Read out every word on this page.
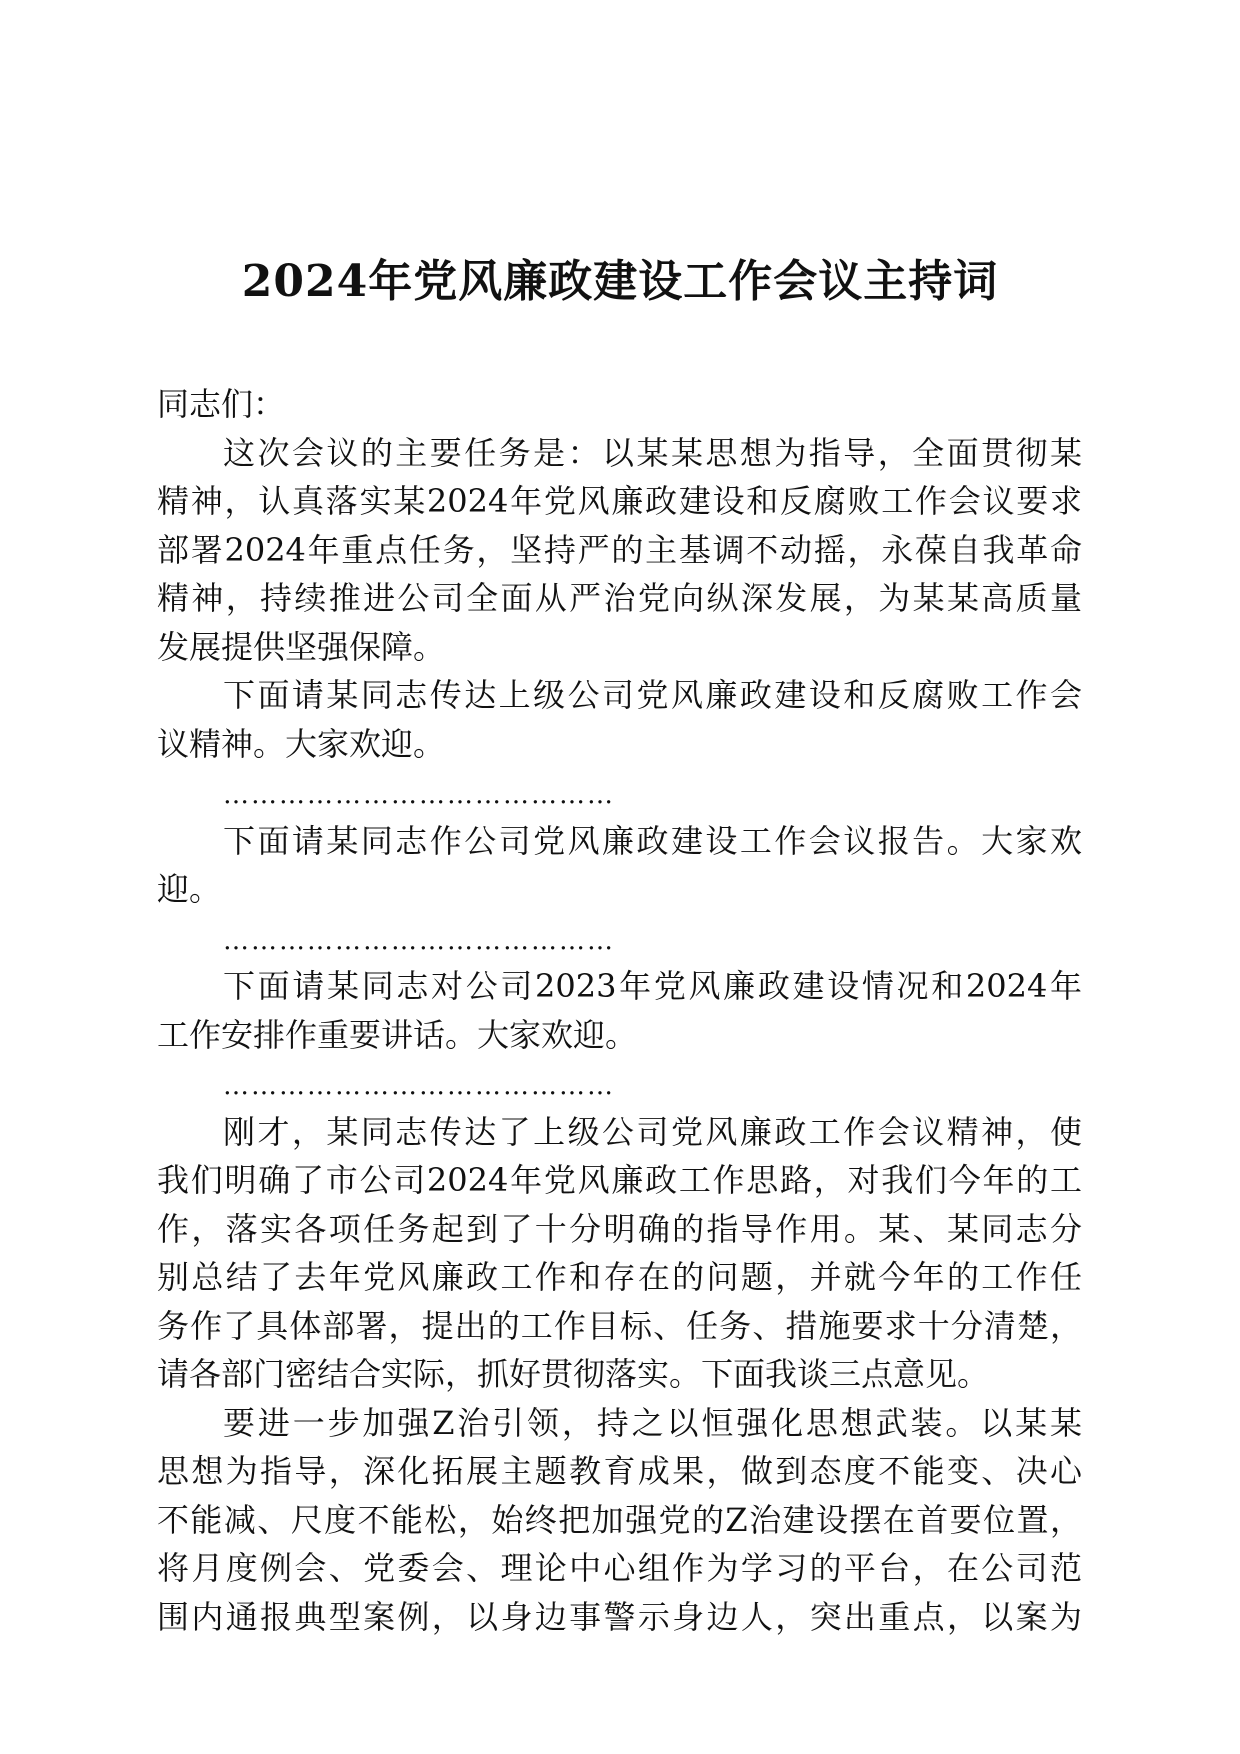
2024年党风廉政建设工作会议主持词
同志们：
这次会议的主要任务是：以某某思想为指导，全面贯彻某
精神，认真落实某2024年党风廉政建设和反腐败工作会议要求
部署2024年重点任务，坚持严的主基调不动摇，永葆自我革命
精神，持续推进公司全面从严治党向纵深发展，为某某高质量
发展提供坚强保障。
下面请某同志传达上级公司党风廉政建设和反腐败工作会
议精神。大家欢迎。
……………………………………
下面请某同志作公司党风廉政建设工作会议报告。大家欢
迎。
……………………………………
下面请某同志对公司2023年党风廉政建设情况和2024年
工作安排作重要讲话。大家欢迎。
……………………………………
刚才，某同志传达了上级公司党风廉政工作会议精神，使
我们明确了市公司2024年党风廉政工作思路，对我们今年的工
作，落实各项任务起到了十分明确的指导作用。某、某同志分
别总结了去年党风廉政工作和存在的问题，并就今年的工作任
务作了具体部署，提出的工作目标、任务、措施要求十分清楚，
请各部门密结合实际，抓好贯彻落实。下面我谈三点意见。
要进一步加强Z治引领，持之以恒强化思想武装。以某某
思想为指导，深化拓展主题教育成果，做到态度不能变、决心
不能减、尺度不能松，始终把加强党的Z治建设摆在首要位置，
将月度例会、党委会、理论中心组作为学习的平台，在公司范
围内通报典型案例，以身边事警示身边人，突出重点，以案为
